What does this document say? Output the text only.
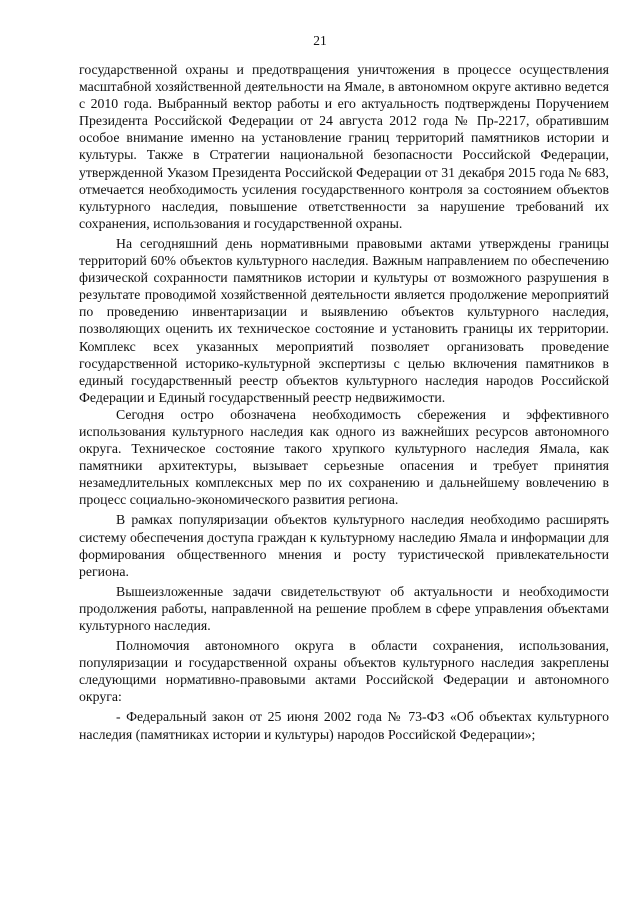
21

государственной охраны и предотвращения уничтожения в процессе осуществления масштабной хозяйственной деятельности на Ямале, в автономном округе активно ведется с 2010 года. Выбранный вектор работы и его актуальность подтверждены Поручением Президента Российской Федерации от 24 августа 2012 года № Пр-2217, обратившим особое внимание именно на установление границ территорий памятников истории и культуры. Также в Стратегии национальной безопасности Российской Федерации, утвержденной Указом Президента Российской Федерации от 31 декабря 2015 года № 683, отмечается необходимость усиления государственного контроля за состоянием объектов культурного наследия, повышение ответственности за нарушение требований их сохранения, использования и государственной охраны.

На сегодняшний день нормативными правовыми актами утверждены границы территорий 60% объектов культурного наследия. Важным направлением по обеспечению физической сохранности памятников истории и культуры от возможного разрушения в результате проводимой хозяйственной деятельности является продолжение мероприятий по проведению инвентаризации и выявлению объектов культурного наследия, позволяющих оценить их техническое состояние и установить границы их территории. Комплекс всех указанных мероприятий позволяет организовать проведение государственной историко-культурной экспертизы с целью включения памятников в единый государственный реестр объектов культурного наследия народов Российской Федерации и Единый государственный реестр недвижимости.

Сегодня остро обозначена необходимость сбережения и эффективного использования культурного наследия как одного из важнейших ресурсов автономного округа. Техническое состояние такого хрупкого культурного наследия Ямала, как памятники архитектуры, вызывает серьезные опасения и требует принятия незамедлительных комплексных мер по их сохранению и дальнейшему вовлечению в процесс социально-экономического развития региона.

В рамках популяризации объектов культурного наследия необходимо расширять систему обеспечения доступа граждан к культурному наследию Ямала и информации для формирования общественного мнения и росту туристической привлекательности региона.

Вышеизложенные задачи свидетельствуют об актуальности и необходимости продолжения работы, направленной на решение проблем в сфере управления объектами культурного наследия.

Полномочия автономного округа в области сохранения, использования, популяризации и государственной охраны объектов культурного наследия закреплены следующими нормативно-правовыми актами Российской Федерации и автономного округа:

- Федеральный закон от 25 июня 2002 года № 73-ФЗ «Об объектах культурного наследия (памятниках истории и культуры) народов Российской Федерации»;
